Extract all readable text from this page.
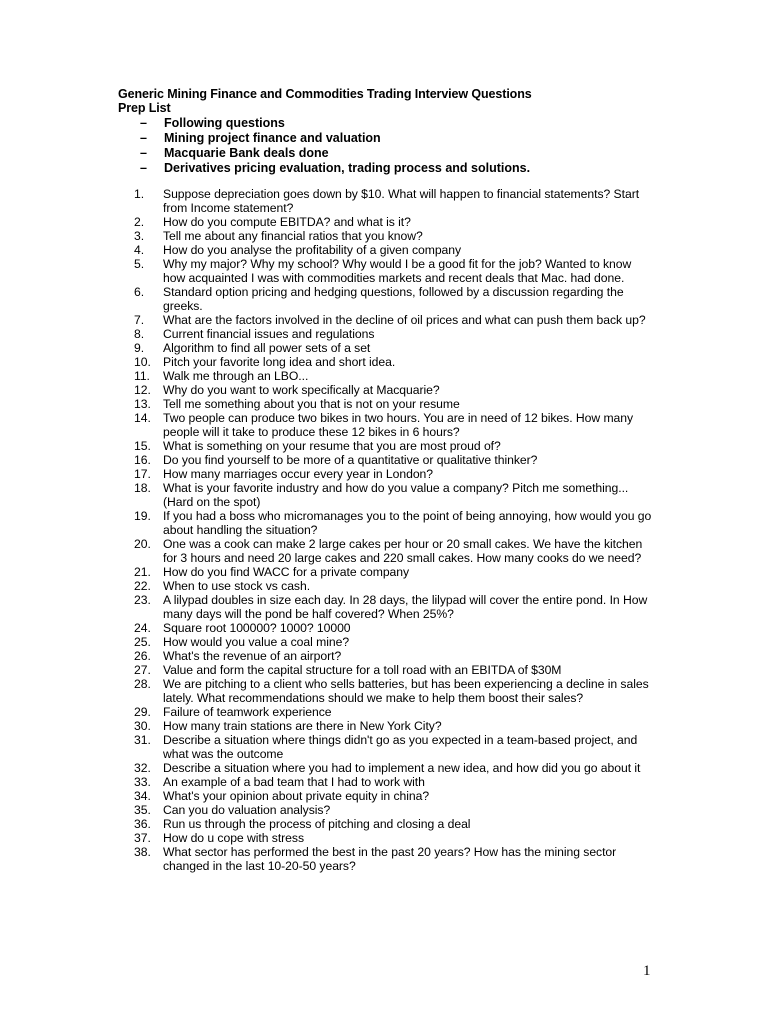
Generic Mining Finance and Commodities Trading Interview Questions
Prep List
–	Following questions
–	Mining project finance and valuation
–	Macquarie Bank deals done
–	Derivatives pricing evaluation, trading process and solutions.
1.	Suppose depreciation goes down by $10. What will happen to financial statements? Start from Income statement?
2.	How do you compute EBITDA? and what is it?
3.	Tell me about any financial ratios that you know?
4.	How do you analyse the profitability of a given company
5.	Why my major? Why my school? Why would I be a good fit for the job? Wanted to know how acquainted I was with commodities markets and recent deals that Mac. had done.
6.	Standard option pricing and hedging questions, followed by a discussion regarding the greeks.
7.	What are the factors involved in the decline of oil prices and what can push them back up?
8.	Current financial issues and regulations
9.	Algorithm to find all power sets of a set
10.	Pitch your favorite long idea and short idea.
11.	Walk me through an LBO...
12.	Why do you want to work specifically at Macquarie?
13.	Tell me something about you that is not on your resume
14.	Two people can produce two bikes in two hours. You are in need of 12 bikes. How many people will it take to produce these 12 bikes in 6 hours?
15.	What is something on your resume that you are most proud of?
16.	Do you find yourself to be more of a quantitative or qualitative thinker?
17.	How many marriages occur every year in London?
18.	What is your favorite industry and how do you value a company? Pitch me something... (Hard on the spot)
19.	If you had a boss who micromanages you to the point of being annoying, how would you go about handling the situation?
20.	One was a cook can make 2 large cakes per hour or 20 small cakes. We have the kitchen for 3 hours and need 20 large cakes and 220 small cakes. How many cooks do we need?
21.	How do you find WACC for a private company
22.	When to use stock vs cash.
23.	A lilypad doubles in size each day. In 28 days, the lilypad will cover the entire pond. In How many days will the pond be half covered? When 25%?
24.	Square root 100000? 1000? 10000
25.	How would you value a coal mine?
26.	What's the revenue of an airport?
27.	Value and form the capital structure for a toll road with an EBITDA of $30M
28.	We are pitching to a client who sells batteries, but has been experiencing a decline in sales lately. What recommendations should we make to help them boost their sales?
29.	Failure of teamwork experience
30.	How many train stations are there in New York City?
31.	Describe a situation where things didn't go as you expected in a team-based project, and what was the outcome
32.	Describe a situation where you had to implement a new idea, and how did you go about it
33.	An example of a bad team that I had to work with
34.	What's your opinion about private equity in china?
35.	Can you do valuation analysis?
36.	Run us through the process of pitching and closing a deal
37.	How do u cope with stress
38.	What sector has performed the best in the past 20 years? How has the mining sector changed in the last 10-20-50 years?
1
